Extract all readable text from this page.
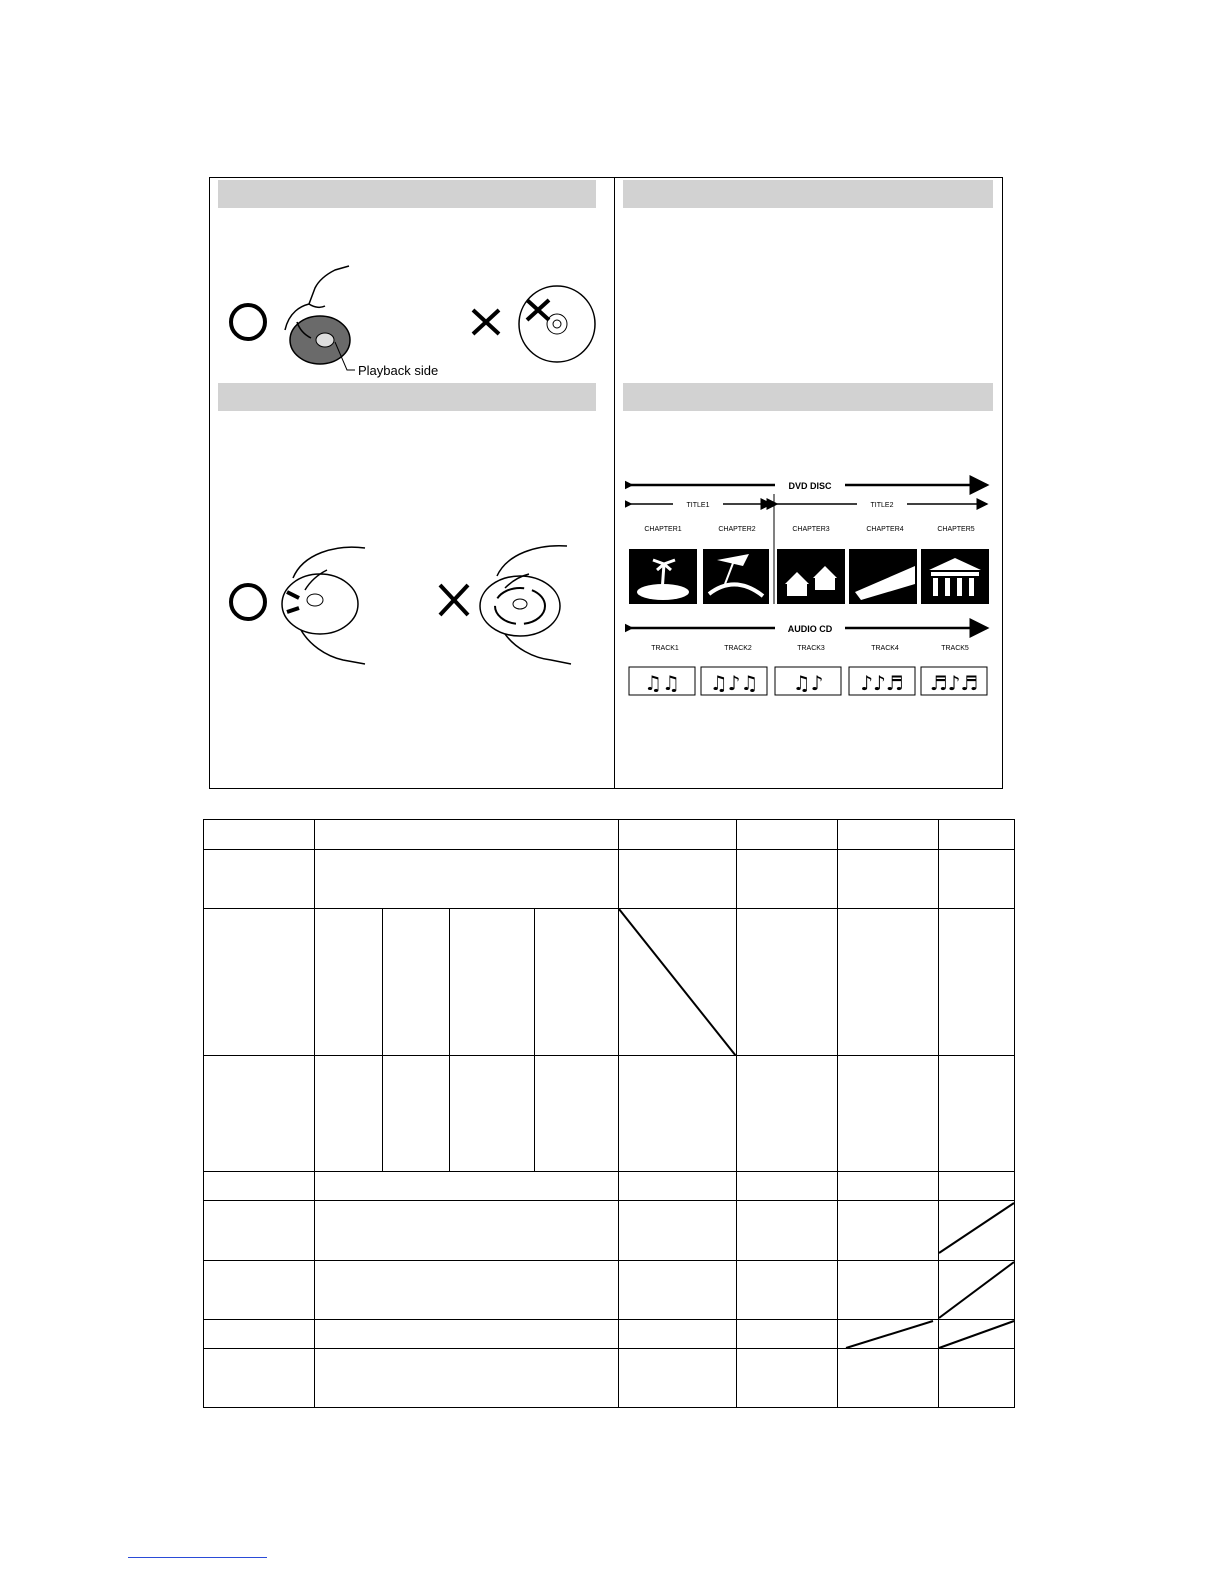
Playback side
DVD DISC
TITLE1	TITLE2
CHAPTER1	CHAPTER2	CHAPTER3	CHAPTER4	CHAPTER5
AUDIO CD
TRACK1	TRACK2	TRACK3	TRACK4	TRACK5
♫♫ ♫♪♫ ♫♪ ♪♪♬ ♬♪♬
